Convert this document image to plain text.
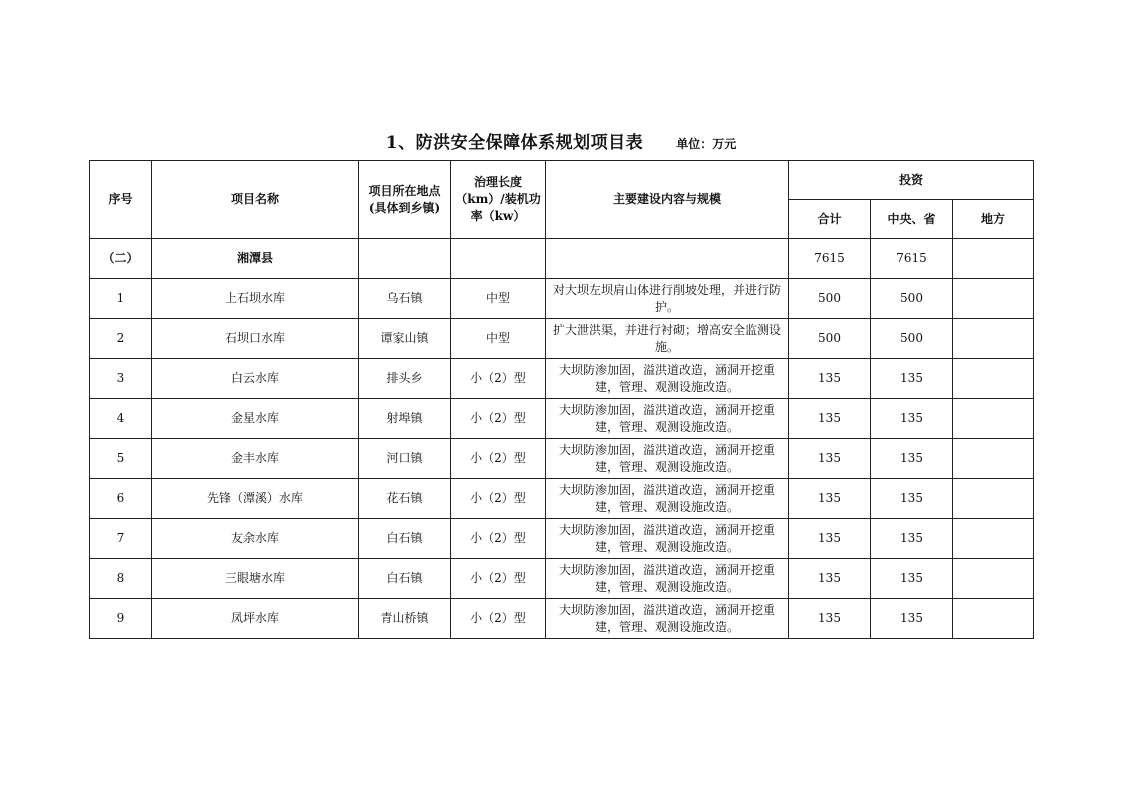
1、防洪安全保障体系规划项目表	单位：万元
序号	项目名称	项目所在地点(具体到乡镇)	治理长度（km）/装机功率（kw）	主要建设内容与规模	投资		
					合计	中央、省	地方
（二）	湘潭县				7615	7615	
1	上石坝水库	乌石镇	中型	对大坝左坝肩山体进行削坡处理，并进行防护。	500	500	
2	石坝口水库	谭家山镇	中型	扩大泄洪渠，并进行衬砌；增高安全监测设施。	500	500	
3	白云水库	排头乡	小（2）型	大坝防渗加固，溢洪道改造，涵洞开挖重建，管理、观测设施改造。	135	135	
4	金星水库	射埠镇	小（2）型	大坝防渗加固，溢洪道改造，涵洞开挖重建，管理、观测设施改造。	135	135	
5	金丰水库	河口镇	小（2）型	大坝防渗加固，溢洪道改造，涵洞开挖重建，管理、观测设施改造。	135	135	
6	先锋（潭溪）水库	花石镇	小（2）型	大坝防渗加固，溢洪道改造，涵洞开挖重建，管理、观测设施改造。	135	135	
7	友余水库	白石镇	小（2）型	大坝防渗加固，溢洪道改造，涵洞开挖重建，管理、观测设施改造。	135	135	
8	三眼塘水库	白石镇	小（2）型	大坝防渗加固，溢洪道改造，涵洞开挖重建，管理、观测设施改造。	135	135	
9	凤坪水库	青山桥镇	小（2）型	大坝防渗加固，溢洪道改造，涵洞开挖重建，管理、观测设施改造。	135	135	
